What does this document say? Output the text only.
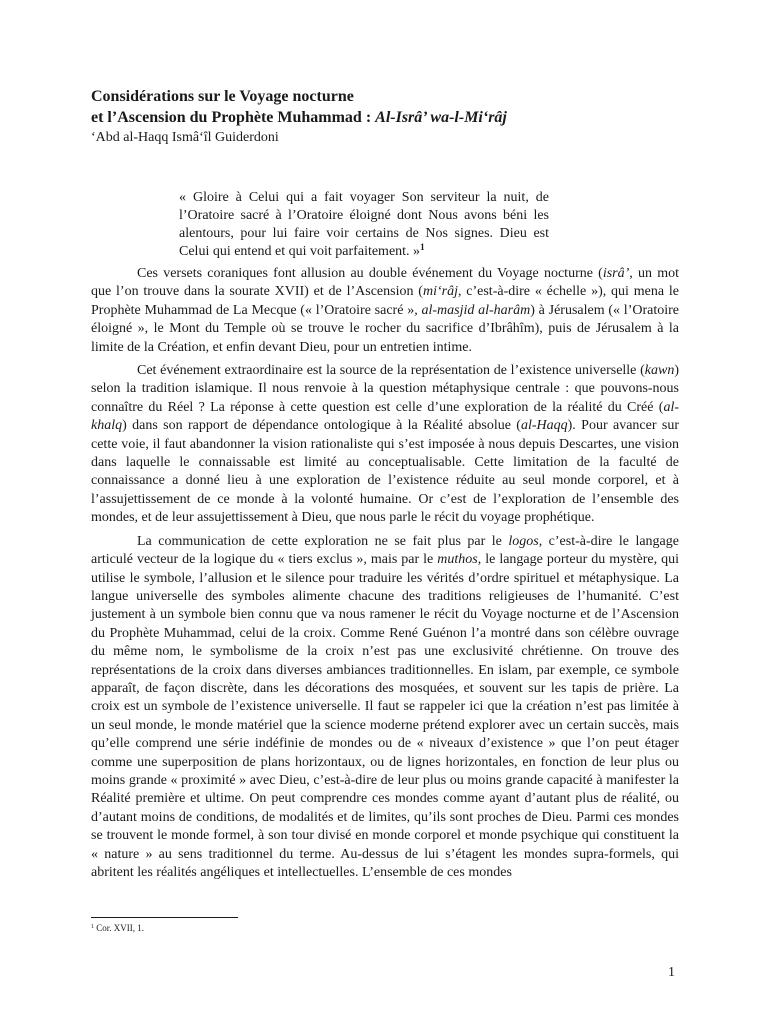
Considérations sur le Voyage nocturne
et l’Ascension du Prophète Muhammad : Al-Isrâ’ wa-l-Mi‘râj
‘Abd al-Haqq Ismâ‘îl Guiderdoni
« Gloire à Celui qui a fait voyager Son serviteur la nuit, de l’Oratoire sacré à l’Oratoire éloigné dont Nous avons béni les alentours, pour lui faire voir certains de Nos signes. Dieu est Celui qui entend et qui voit parfaitement. »$^1$

Ces versets coraniques font allusion au double événement du Voyage nocturne (isrâ’, un mot que l’on trouve dans la sourate XVII) et de l’Ascension (mi‘râj, c’est-à-dire « échelle »), qui mena le Prophète Muhammad de La Mecque (« l’Oratoire sacré », al-masjid al-harâm) à Jérusalem (« l’Oratoire éloigné », le Mont du Temple où se trouve le rocher du sacrifice d’Ibrâhîm), puis de Jérusalem à la limite de la Création, et enfin devant Dieu, pour un entretien intime.

Cet événement extraordinaire est la source de la représentation de l’existence universelle (kawn) selon la tradition islamique. Il nous renvoie à la question métaphysique centrale : que pouvons-nous connaître du Réel ? La réponse à cette question est celle d’une exploration de la réalité du Créé (al-khalq) dans son rapport de dépendance ontologique à la Réalité absolue (al-Haqq). Pour avancer sur cette voie, il faut abandonner la vision rationaliste qui s’est imposée à nous depuis Descartes, une vision dans laquelle le connaissable est limité au conceptualisable. Cette limitation de la faculté de connaissance a donné lieu à une exploration de l’existence réduite au seul monde corporel, et à l’assujettissement de ce monde à la volonté humaine. Or c’est de l’exploration de l’ensemble des mondes, et de leur assujettissement à Dieu, que nous parle le récit du voyage prophétique.

La communication de cette exploration ne se fait plus par le logos, c’est-à-dire le langage articulé vecteur de la logique du « tiers exclus », mais par le muthos, le langage porteur du mystère, qui utilise le symbole, l’allusion et le silence pour traduire les vérités d’ordre spirituel et métaphysique. La langue universelle des symboles alimente chacune des traditions religieuses de l’humanité. C’est justement à un symbole bien connu que va nous ramener le récit du Voyage nocturne et de l’Ascension du Prophète Muhammad, celui de la croix. Comme René Guénon l’a montré dans son célèbre ouvrage du même nom, le symbolisme de la croix n’est pas une exclusivité chrétienne. On trouve des représentations de la croix dans diverses ambiances traditionnelles. En islam, par exemple, ce symbole apparaît, de façon discrète, dans les décorations des mosquées, et souvent sur les tapis de prière. La croix est un symbole de l’existence universelle. Il faut se rappeler ici que la création n’est pas limitée à un seul monde, le monde matériel que la science moderne prétend explorer avec un certain succès, mais qu’elle comprend une série indéfinie de mondes ou de « niveaux d’existence » que l’on peut étager comme une superposition de plans horizontaux, ou de lignes horizontales, en fonction de leur plus ou moins grande « proximité » avec Dieu, c’est-à-dire de leur plus ou moins grande capacité à manifester la Réalité première et ultime. On peut comprendre ces mondes comme ayant d’autant plus de réalité, ou d’autant moins de conditions, de modalités et de limites, qu’ils sont proches de Dieu. Parmi ces mondes se trouvent le monde formel, à son tour divisé en monde corporel et monde psychique qui constituent la « nature » au sens traditionnel du terme. Au-dessus de lui s’étagent les mondes supra-formels, qui abritent les réalités angéliques et intellectuelles. L’ensemble de ces mondes

$^1$ Cor. XVII, 1.
1
